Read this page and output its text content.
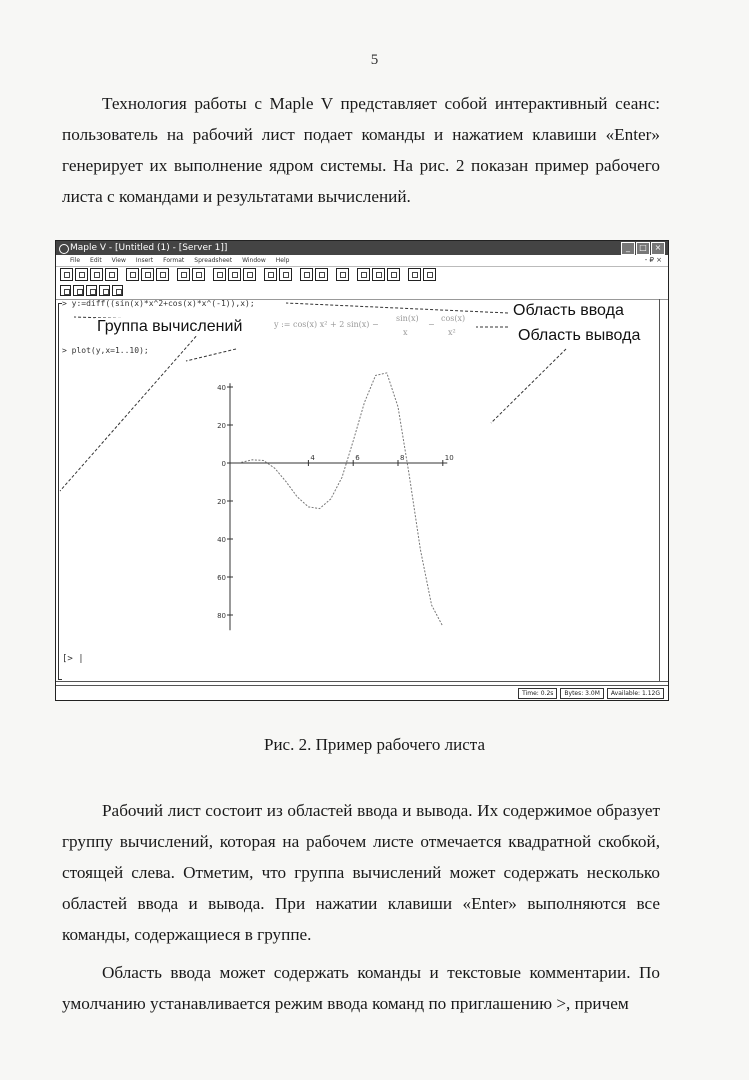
5

Технология работы с Maple V представляет собой интерактивный сеанс: пользователь на рабочий лист подает команды и нажатием клавиши «Enter» генерирует их выполнение ядром системы. На рис. 2 показан пример рабочего листа с командами и результатами вычислений.

Maple V - [Untitled (1) - [Server 1]]	_	□ ×
File Edit View Insert Format Spreadsheet Window Help	- ₽ ×
> y:=diff((sin(x)*x^2+cos(x)*x^(-1)),x);
y := cos(x) x² + 2 sin(x) −
sin(x)
x
−
cos(x)
x²
> plot(y,x=1..10);
[> |
4	6	8	10
40
20
0
20
40
60
80
Группа вычислений
Область ввода
Область вывода
Time: 0.2s	Bytes: 3.0M	Available: 1.12G
Рис. 2. Пример рабочего листа

Рабочий лист состоит из областей ввода и вывода. Их содержимое образует группу вычислений, которая на рабочем листе отмечается квадратной скобкой, стоящей слева. Отметим, что группа вычислений может содержать несколько областей ввода и вывода. При нажатии клавиши «Enter» выполняются все команды, содержащиеся в группе.

Область ввода может содержать команды и текстовые комментарии. По умолчанию устанавливается режим ввода команд по приглашению >, причем
